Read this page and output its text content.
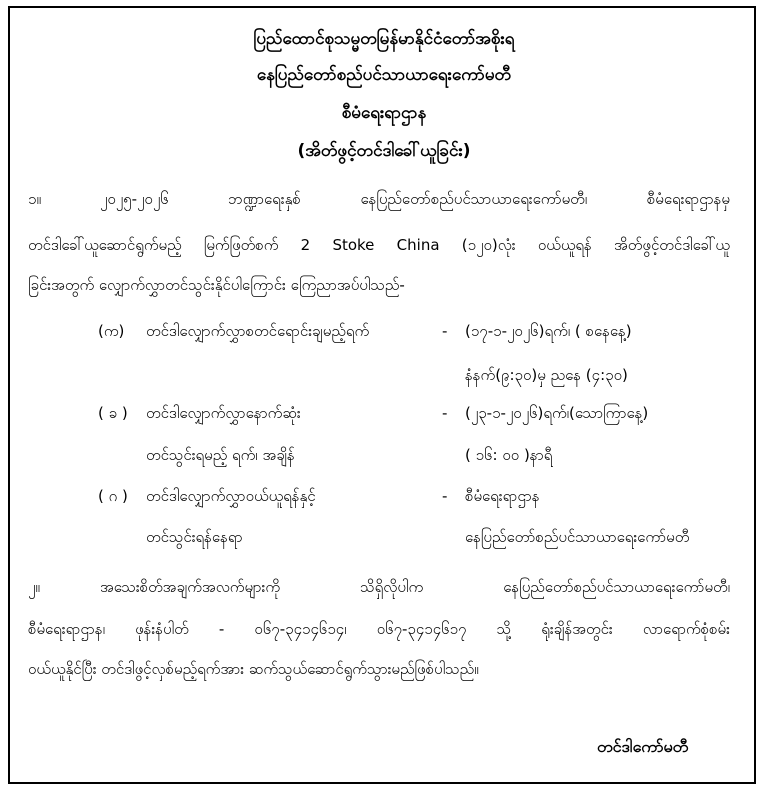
ပြည်ထောင်စုသမ္မတမြန်မာနိုင်ငံတော်အစိုးရ
နေပြည်တော်စည်ပင်သာယာရေးကော်မတီ
စီမံရေးရာဌာန
(အိတ်ဖွင့်တင်ဒါခေါ်ယူခြင်း)
၁။	၂၀၂၅-၂၀၂၆	ဘဏ္ဍာရေးနှစ်	နေပြည်တော်စည်ပင်သာယာရေးကော်မတီ၊	စီမံရေးရာဌာနမှ
တင်ဒါခေါ်ယူဆောင်ရွက်မည့် မြက်ဖြတ်စက် 2 Stoke China (၁၂၀)လုံး ဝယ်ယူရန် အိတ်ဖွင့်တင်ဒါခေါ်ယူ
ခြင်းအတွက် လျှောက်လွှာတင်သွင်းနိုင်ပါကြောင်း ကြေညာအပ်ပါသည်-
(က) တင်ဒါလျှောက်လွှာစတင်ရောင်းချမည့်ရက်	- (၁၇-၁-၂၀၂၆)ရက်၊ ( စနေနေ့)
နံနက်(၉:၃၀)မှ ညနေ (၄:၃၀)
( ခ ) တင်ဒါလျှောက်လွှာနောက်ဆုံး	- (၂၃-၁-၂၀၂၆)ရက်၊(သောကြာနေ့)
တင်သွင်းရမည့် ရက်၊ အချိန်	( ၁၆: ၀၀ )နာရီ
( ဂ ) တင်ဒါလျှောက်လွှာဝယ်ယူရန်နှင့်	- စီမံရေးရာဌာန
တင်သွင်းရန်နေရာ	နေပြည်တော်စည်ပင်သာယာရေးကော်မတီ
၂။	အသေးစိတ်အချက်အလက်များကို	သိရှိလိုပါက	နေပြည်တော်စည်ပင်သာယာရေးကော်မတီ၊
စီမံရေးရာဌာန၊ ဖုန်းနံပါတ် - ၀၆၇-၃၄၁၄၆၁၄၊ ၀၆၇-၃၄၁၄၆၁၇ သို့ ရုံးချိန်အတွင်း လာရောက်စုံစမ်း
ဝယ်ယူနိုင်ပြီး တင်ဒါဖွင့်လှစ်မည့်ရက်အား ဆက်သွယ်ဆောင်ရွက်သွားမည်ဖြစ်ပါသည်။
တင်ဒါကော်မတီ
